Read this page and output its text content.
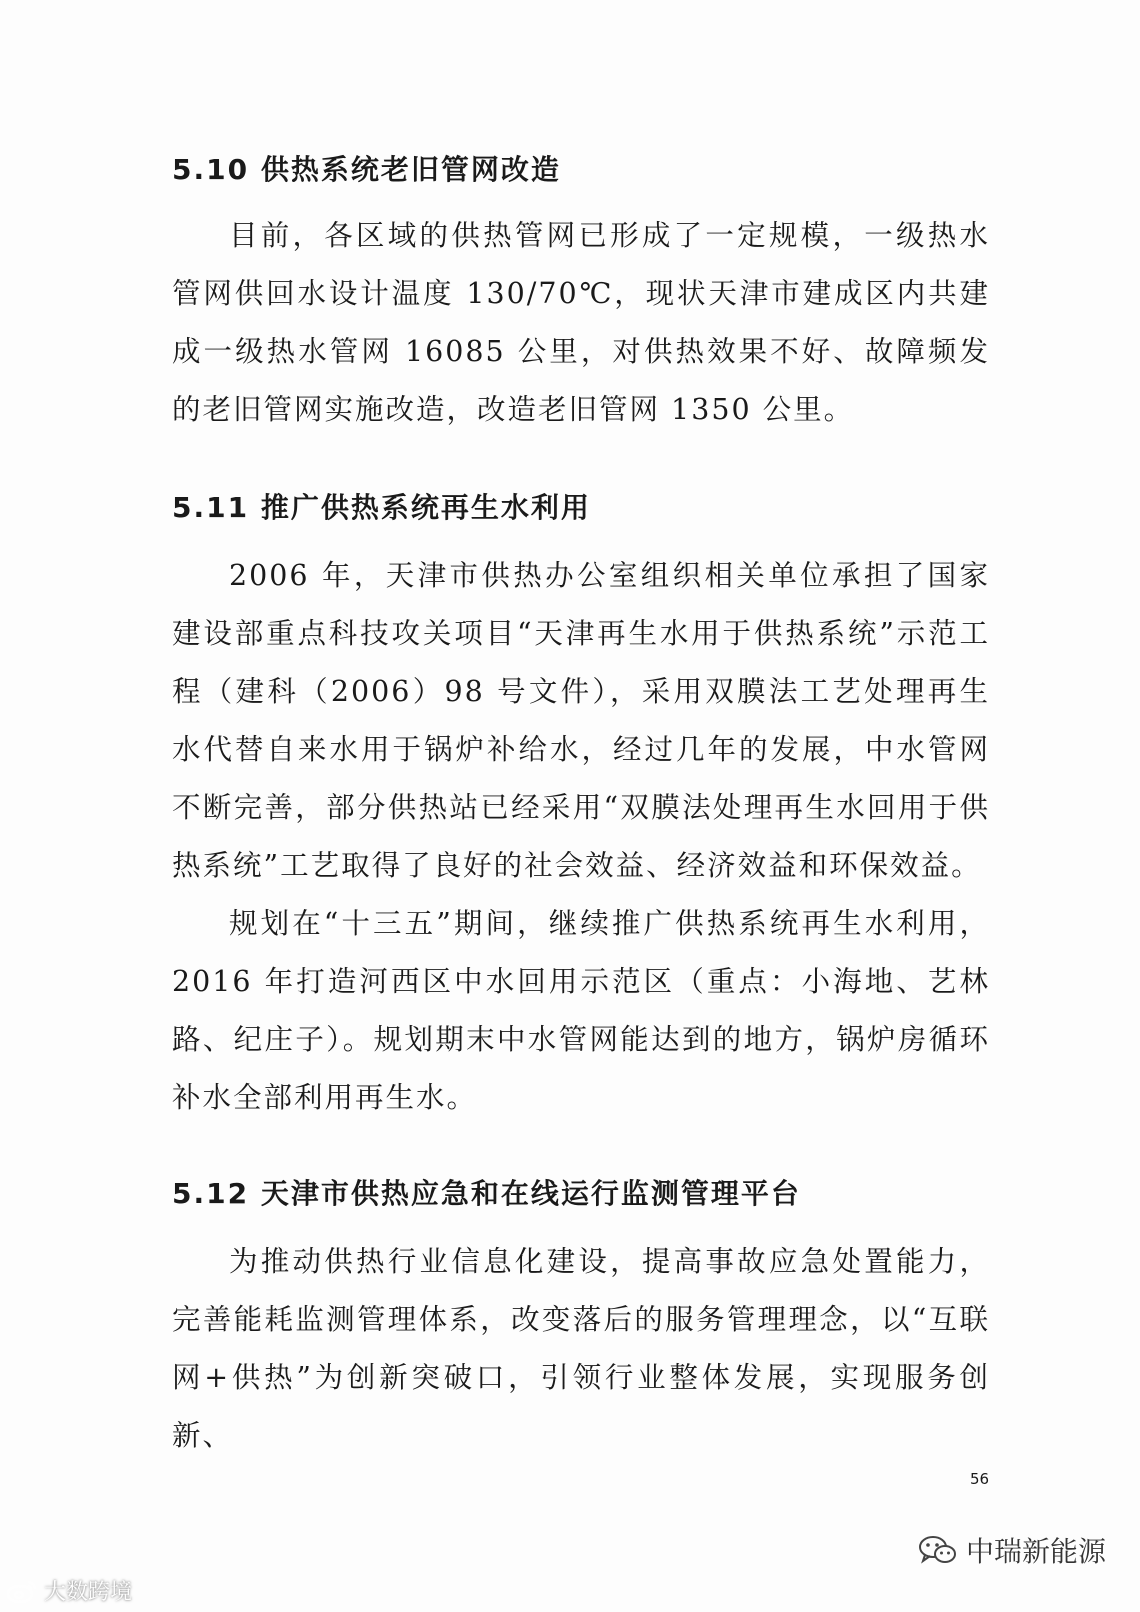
5.10 供热系统老旧管网改造

目前，各区域的供热管网已形成了一定规模，一级热水管网供回水设计温度 130/70℃，现状天津市建成区内共建成一级热水管网 16085 公里，对供热效果不好、故障频发的老旧管网实施改造，改造老旧管网 1350 公里。

5.11 推广供热系统再生水利用

2006 年，天津市供热办公室组织相关单位承担了国家建设部重点科技攻关项目“天津再生水用于供热系统”示范工程（建科（2006）98 号文件），采用双膜法工艺处理再生水代替自来水用于锅炉补给水，经过几年的发展，中水管网不断完善，部分供热站已经采用“双膜法处理再生水回用于供热系统”工艺取得了良好的社会效益、经济效益和环保效益。

规划在“十三五”期间，继续推广供热系统再生水利用，2016 年打造河西区中水回用示范区（重点：小海地、艺林路、纪庄子）。规划期末中水管网能达到的地方，锅炉房循环补水全部利用再生水。

5.12 天津市供热应急和在线运行监测管理平台

为推动供热行业信息化建设，提高事故应急处置能力，完善能耗监测管理体系，改变落后的服务管理理念，以“互联网+供热”为创新突破口，引领行业整体发展，实现服务创新、

56
大数跨境
中瑞新能源
